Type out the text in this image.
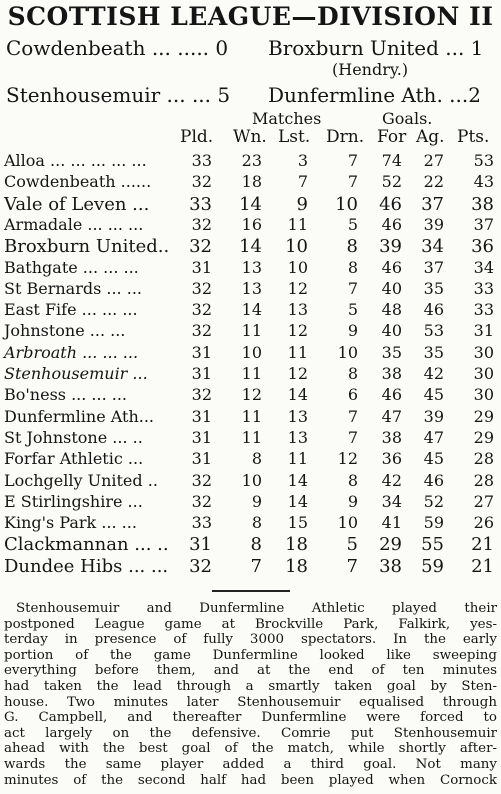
SCOTTISH LEAGUE—DIVISION II
Cowdenbeath ... ..... 0 Broxburn United ... 1
(Hendry.)
Stenhousemuir ... ... 5 Dunfermline Ath. ...2
Matches	Goals.
Pld. Wn. Lst. Drn. For Ag. Pts.
Alloa ... ... ... ... ...	33	23	3	7 74 27	53
Cowdenbeath ......	32	18	7	7 52 22	43
Vale of Leven ... 33 14	9 10 46 37 38
Armadale ... ... ...	32	16 11	5 46 39	37
Broxburn United.. 32 14 10	8 39 34 36
Bathgate ... ... ...	31	13 10	8 46 37	34
St Bernards ... ...	32	13 12	7 40 35	33
East Fife ... ... ...	32	14 13	5 48 46	33
Johnstone ... ...	32	11 12	9 40 53	31
Arbroath ... ... ...	31	10 11 10 35 35	30
Stenhousemuir ...	31	11 12	8 38 42	30
Bo'ness ... ... ...	32	12 14	6 46 45	30
Dunfermline Ath...	31	11 13	7 47 39	29
St Johnstone ... ..	31	11 13	7 38 47	29
Forfar Athletic ...	31	8 11 12 36 45	28
Lochgelly United ..	32	10 14	8 42 46	28
E Stirlingshire ...	32	9 14	9 34 52	27
King's Park ... ...	33	8 15 10 41 59	26
Clackmannan ... .. 31	8 18	5 29 55 21
Dundee Hibs ... ... 32	7 18	7 38 59 21
Stenhousemuir and Dunfermline Athletic played their
postponed League game at Brockville Park, Falkirk, yes-
terday in presence of fully 3000 spectators. In the early
portion of the game Dunfermline looked like sweeping
everything before them, and at the end of ten minutes
had taken the lead through a smartly taken goal by Sten-
house. Two minutes later Stenhousemuir equalised through
G. Campbell, and thereafter Dunfermline were forced to
act largely on the defensive. Comrie put Stenhousemuir
ahead with the best goal of the match, while shortly after-
wards the same player added a third goal. Not many
minutes of the second half had been played when Cornock
